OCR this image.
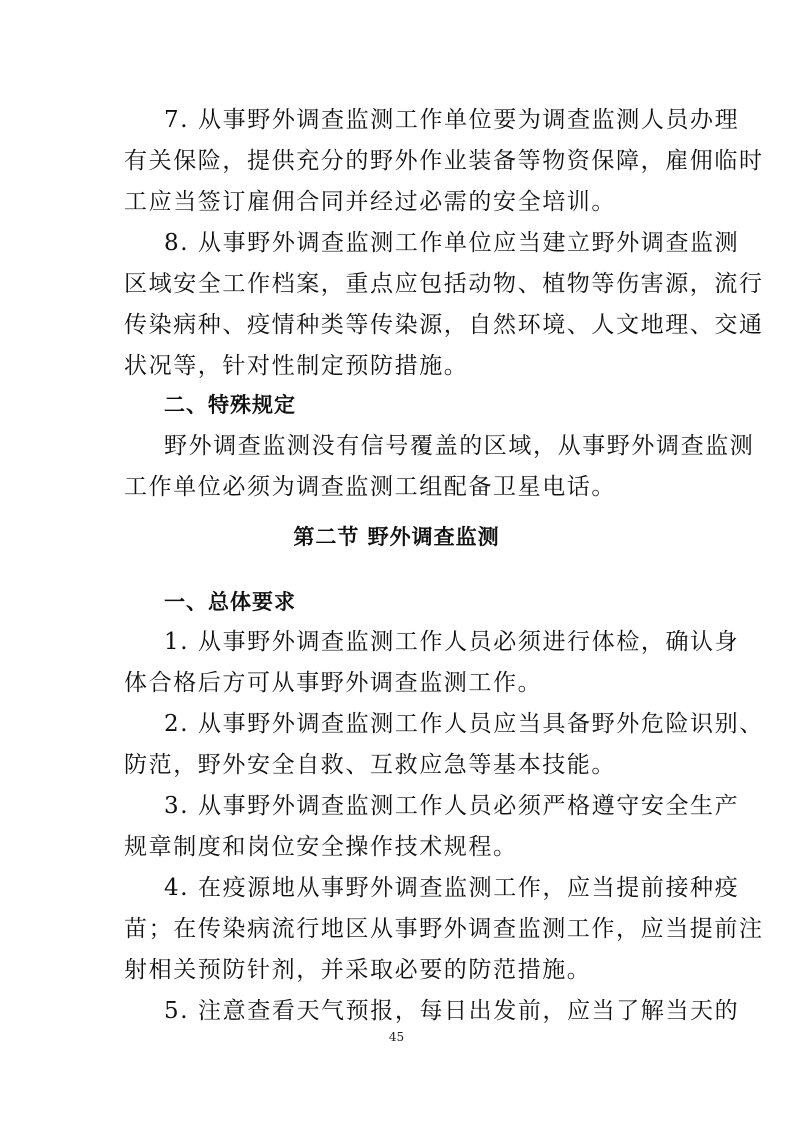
7. 从事野外调查监测工作单位要为调查监测人员办理
有关保险，提供充分的野外作业装备等物资保障，雇佣临时
工应当签订雇佣合同并经过必需的安全培训。
8. 从事野外调查监测工作单位应当建立野外调查监测
区域安全工作档案，重点应包括动物、植物等伤害源，流行
传染病种、疫情种类等传染源，自然环境、人文地理、交通
状况等，针对性制定预防措施。
二、特殊规定
野外调查监测没有信号覆盖的区域，从事野外调查监测
工作单位必须为调查监测工组配备卫星电话。
第二节 野外调查监测
一、总体要求
1. 从事野外调查监测工作人员必须进行体检，确认身
体合格后方可从事野外调查监测工作。
2. 从事野外调查监测工作人员应当具备野外危险识别、
防范，野外安全自救、互救应急等基本技能。
3. 从事野外调查监测工作人员必须严格遵守安全生产
规章制度和岗位安全操作技术规程。
4. 在疫源地从事野外调查监测工作，应当提前接种疫
苗；在传染病流行地区从事野外调查监测工作，应当提前注
射相关预防针剂，并采取必要的防范措施。
5. 注意查看天气预报，每日出发前，应当了解当天的
45
